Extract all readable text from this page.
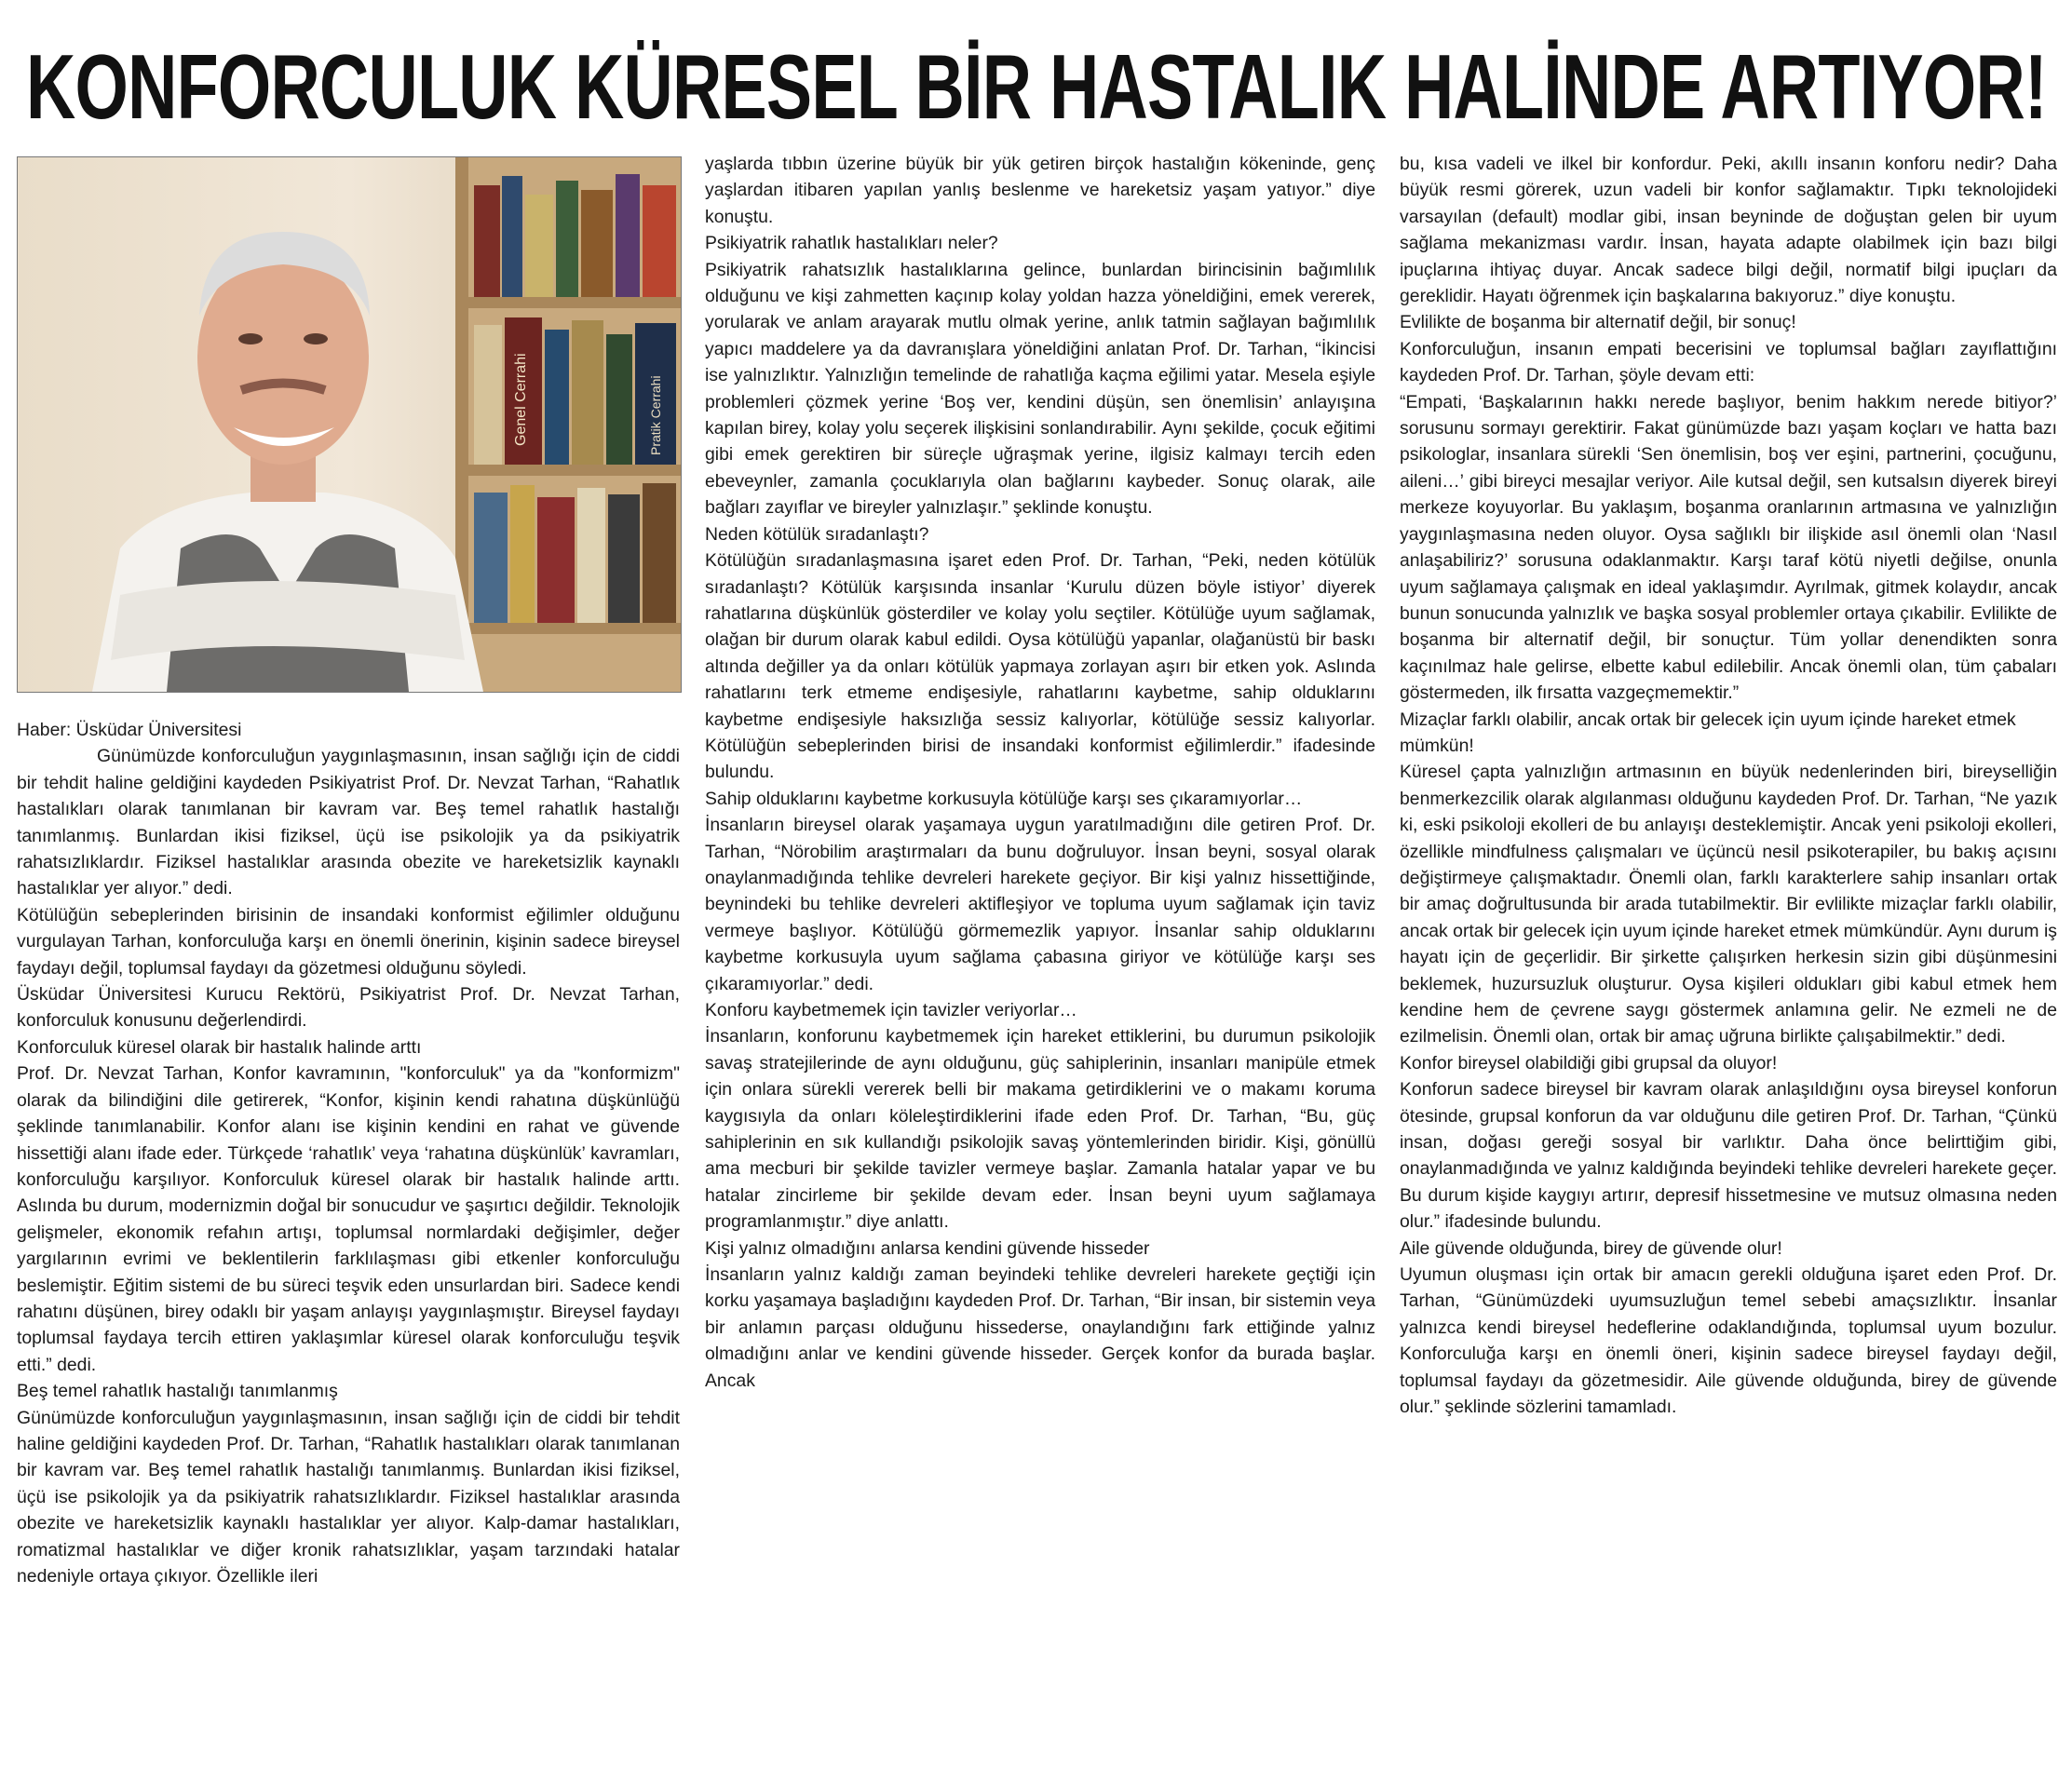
KONFORCULUK KÜRESEL BİR HASTALIK HALİNDE ARTIYOR!
Genel Cerrahi	Pratik Cerrahi

Haber: Üsküdar Üniversitesi

Günümüzde konforculuğun yaygınlaşmasının, insan sağlığı için de ciddi bir tehdit haline geldiğini kaydeden Psikiyatrist Prof. Dr. Nevzat Tarhan, “Rahatlık hastalıkları olarak tanımlanan bir kavram var. Beş temel rahatlık hastalığı tanımlanmış. Bunlardan ikisi fiziksel, üçü ise psikolojik ya da psikiyatrik rahatsızlıklardır. Fiziksel hastalıklar arasında obezite ve hareketsizlik kaynaklı hastalıklar yer alıyor.” dedi.

Kötülüğün sebeplerinden birisinin de insandaki konformist eğilimler olduğunu vurgulayan Tarhan, konforculuğa karşı en önemli önerinin, kişinin sadece bireysel faydayı değil, toplumsal faydayı da gözetmesi olduğunu söyledi.

Üsküdar Üniversitesi Kurucu Rektörü, Psikiyatrist Prof. Dr. Nevzat Tarhan, konforculuk konusunu değerlendirdi.

Konforculuk küresel olarak bir hastalık halinde arttı

Prof. Dr. Nevzat Tarhan, Konfor kavramının, "konforculuk" ya da "konformizm" olarak da bilindiğini dile getirerek, “Konfor, kişinin kendi rahatına düşkünlüğü şeklinde tanımlanabilir. Konfor alanı ise kişinin kendini en rahat ve güvende hissettiği alanı ifade eder. Türkçede ‘rahatlık’ veya ‘rahatına düşkünlük’ kavramları, konforculuğu karşılıyor. Konforculuk küresel olarak bir hastalık halinde arttı. Aslında bu durum, modernizmin doğal bir sonucudur ve şaşırtıcı değildir. Teknolojik gelişmeler, ekonomik refahın artışı, toplumsal normlardaki değişimler, değer yargılarının evrimi ve beklentilerin farklılaşması gibi etkenler konforculuğu beslemiştir. Eğitim sistemi de bu süreci teşvik eden unsurlardan biri. Sadece kendi rahatını düşünen, birey odaklı bir yaşam anlayışı yaygınlaşmıştır. Bireysel faydayı toplumsal faydaya tercih ettiren yaklaşımlar küresel olarak konforculuğu teşvik etti.” dedi.

Beş temel rahatlık hastalığı tanımlanmış

Günümüzde konforculuğun yaygınlaşmasının, insan sağlığı için de ciddi bir tehdit haline geldiğini kaydeden Prof. Dr. Tarhan, “Rahatlık hastalıkları olarak tanımlanan bir kavram var. Beş temel rahatlık hastalığı tanımlanmış. Bunlardan ikisi fiziksel, üçü ise psikolojik ya da psikiyatrik rahatsızlıklardır. Fiziksel hastalıklar arasında obezite ve hareketsizlik kaynaklı hastalıklar yer alıyor. Kalp-damar hastalıkları, romatizmal hastalıklar ve diğer kronik rahatsızlıklar, yaşam tarzındaki hatalar nedeniyle ortaya çıkıyor. Özellikle ileri

yaşlarda tıbbın üzerine büyük bir yük getiren birçok hastalığın kökeninde, genç yaşlardan itibaren yapılan yanlış beslenme ve hareketsiz yaşam yatıyor.” diye konuştu.

Psikiyatrik rahatlık hastalıkları neler?

Psikiyatrik rahatsızlık hastalıklarına gelince, bunlardan birincisinin bağımlılık olduğunu ve kişi zahmetten kaçınıp kolay yoldan hazza yöneldiğini, emek vererek, yorularak ve anlam arayarak mutlu olmak yerine, anlık tatmin sağlayan bağımlılık yapıcı maddelere ya da davranışlara yöneldiğini anlatan Prof. Dr. Tarhan, “İkincisi ise yalnızlıktır. Yalnızlığın temelinde de rahatlığa kaçma eğilimi yatar. Mesela eşiyle problemleri çözmek yerine ‘Boş ver, kendini düşün, sen önemlisin’ anlayışına kapılan birey, kolay yolu seçerek ilişkisini sonlandırabilir. Aynı şekilde, çocuk eğitimi gibi emek gerektiren bir süreçle uğraşmak yerine, ilgisiz kalmayı tercih eden ebeveynler, zamanla çocuklarıyla olan bağlarını kaybeder. Sonuç olarak, aile bağları zayıflar ve bireyler yalnızlaşır.” şeklinde konuştu.

Neden kötülük sıradanlaştı?

Kötülüğün sıradanlaşmasına işaret eden Prof. Dr. Tarhan, “Peki, neden kötülük sıradanlaştı? Kötülük karşısında insanlar ‘Kurulu düzen böyle istiyor’ diyerek rahatlarına düşkünlük gösterdiler ve kolay yolu seçtiler. Kötülüğe uyum sağlamak, olağan bir durum olarak kabul edildi. Oysa kötülüğü yapanlar, olağanüstü bir baskı altında değiller ya da onları kötülük yapmaya zorlayan aşırı bir etken yok. Aslında rahatlarını terk etmeme endişesiyle, rahatlarını kaybetme, sahip olduklarını kaybetme endişesiyle haksızlığa sessiz kalıyorlar, kötülüğe sessiz kalıyorlar. Kötülüğün sebeplerinden birisi de insandaki konformist eğilimlerdir.” ifadesinde bulundu.

Sahip olduklarını kaybetme korkusuyla kötülüğe karşı ses çıkaramıyorlar…

İnsanların bireysel olarak yaşamaya uygun yaratılmadığını dile getiren Prof. Dr. Tarhan, “Nörobilim araştırmaları da bunu doğruluyor. İnsan beyni, sosyal olarak onaylanmadığında tehlike devreleri harekete geçiyor. Bir kişi yalnız hissettiğinde, beynindeki bu tehlike devreleri aktifleşiyor ve topluma uyum sağlamak için taviz vermeye başlıyor. Kötülüğü görmemezlik yapıyor. İnsanlar sahip olduklarını kaybetme korkusuyla uyum sağlama çabasına giriyor ve kötülüğe karşı ses çıkaramıyorlar.” dedi.

Konforu kaybetmemek için tavizler veriyorlar…

İnsanların, konforunu kaybetmemek için hareket ettiklerini, bu durumun psikolojik savaş stratejilerinde de aynı olduğunu, güç sahiplerinin, insanları manipüle etmek için onlara sürekli vererek belli bir makama getirdiklerini ve o makamı koruma kaygısıyla da onları köleleştirdiklerini ifade eden Prof. Dr. Tarhan, “Bu, güç sahiplerinin en sık kullandığı psikolojik savaş yöntemlerinden biridir. Kişi, gönüllü ama mecburi bir şekilde tavizler vermeye başlar. Zamanla hatalar yapar ve bu hatalar zincirleme bir şekilde devam eder. İnsan beyni uyum sağlamaya programlanmıştır.” diye anlattı.

Kişi yalnız olmadığını anlarsa kendini güvende hisseder

İnsanların yalnız kaldığı zaman beyindeki tehlike devreleri harekete geçtiği için korku yaşamaya başladığını kaydeden Prof. Dr. Tarhan, “Bir insan, bir sistemin veya bir anlamın parçası olduğunu hissederse, onaylandığını fark ettiğinde yalnız olmadığını anlar ve kendini güvende hisseder. Gerçek konfor da burada başlar. Ancak

bu, kısa vadeli ve ilkel bir konfordur. Peki, akıllı insanın konforu nedir? Daha büyük resmi görerek, uzun vadeli bir konfor sağlamaktır. Tıpkı teknolojideki varsayılan (default) modlar gibi, insan beyninde de doğuştan gelen bir uyum sağlama mekanizması vardır. İnsan, hayata adapte olabilmek için bazı bilgi ipuçlarına ihtiyaç duyar. Ancak sadece bilgi değil, normatif bilgi ipuçları da gereklidir. Hayatı öğrenmek için başkalarına bakıyoruz.” diye konuştu.

Evlilikte de boşanma bir alternatif değil, bir sonuç!

Konforculuğun, insanın empati becerisini ve toplumsal bağları zayıflattığını kaydeden Prof. Dr. Tarhan, şöyle devam etti:

“Empati, ‘Başkalarının hakkı nerede başlıyor, benim hakkım nerede bitiyor?’ sorusunu sormayı gerektirir. Fakat günümüzde bazı yaşam koçları ve hatta bazı psikologlar, insanlara sürekli ‘Sen önemlisin, boş ver eşini, partnerini, çocuğunu, aileni…’ gibi bireyci mesajlar veriyor. Aile kutsal değil, sen kutsalsın diyerek bireyi merkeze koyuyorlar. Bu yaklaşım, boşanma oranlarının artmasına ve yalnızlığın yaygınlaşmasına neden oluyor. Oysa sağlıklı bir ilişkide asıl önemli olan ‘Nasıl anlaşabiliriz?’ sorusuna odaklanmaktır. Karşı taraf kötü niyetli değilse, onunla uyum sağlamaya çalışmak en ideal yaklaşımdır. Ayrılmak, gitmek kolaydır, ancak bunun sonucunda yalnızlık ve başka sosyal problemler ortaya çıkabilir. Evlilikte de boşanma bir alternatif değil, bir sonuçtur. Tüm yollar denendikten sonra kaçınılmaz hale gelirse, elbette kabul edilebilir. Ancak önemli olan, tüm çabaları göstermeden, ilk fırsatta vazgeçmemektir.”

Mizaçlar farklı olabilir, ancak ortak bir gelecek için uyum içinde hareket etmek mümkün!

Küresel çapta yalnızlığın artmasının en büyük nedenlerinden biri, bireyselliğin benmerkezcilik olarak algılanması olduğunu kaydeden Prof. Dr. Tarhan, “Ne yazık ki, eski psikoloji ekolleri de bu anlayışı desteklemiştir. Ancak yeni psikoloji ekolleri, özellikle mindfulness çalışmaları ve üçüncü nesil psikoterapiler, bu bakış açısını değiştirmeye çalışmaktadır. Önemli olan, farklı karakterlere sahip insanları ortak bir amaç doğrultusunda bir arada tutabilmektir. Bir evlilikte mizaçlar farklı olabilir, ancak ortak bir gelecek için uyum içinde hareket etmek mümkündür. Aynı durum iş hayatı için de geçerlidir. Bir şirkette çalışırken herkesin sizin gibi düşünmesini beklemek, huzursuzluk oluşturur. Oysa kişileri oldukları gibi kabul etmek hem kendine hem de çevrene saygı göstermek anlamına gelir. Ne ezmeli ne de ezilmelisin. Önemli olan, ortak bir amaç uğruna birlikte çalışabilmektir.” dedi.

Konfor bireysel olabildiği gibi grupsal da oluyor!

Konforun sadece bireysel bir kavram olarak anlaşıldığını oysa bireysel konforun ötesinde, grupsal konforun da var olduğunu dile getiren Prof. Dr. Tarhan, “Çünkü insan, doğası gereği sosyal bir varlıktır. Daha önce belirttiğim gibi, onaylanmadığında ve yalnız kaldığında beyindeki tehlike devreleri harekete geçer. Bu durum kişide kaygıyı artırır, depresif hissetmesine ve mutsuz olmasına neden olur.” ifadesinde bulundu.

Aile güvende olduğunda, birey de güvende olur!

Uyumun oluşması için ortak bir amacın gerekli olduğuna işaret eden Prof. Dr. Tarhan, “Günümüzdeki uyumsuzluğun temel sebebi amaçsızlıktır. İnsanlar yalnızca kendi bireysel hedeflerine odaklandığında, toplumsal uyum bozulur. Konforculuğa karşı en önemli öneri, kişinin sadece bireysel faydayı değil, toplumsal faydayı da gözetmesidir. Aile güvende olduğunda, birey de güvende olur.” şeklinde sözlerini tamamladı.
